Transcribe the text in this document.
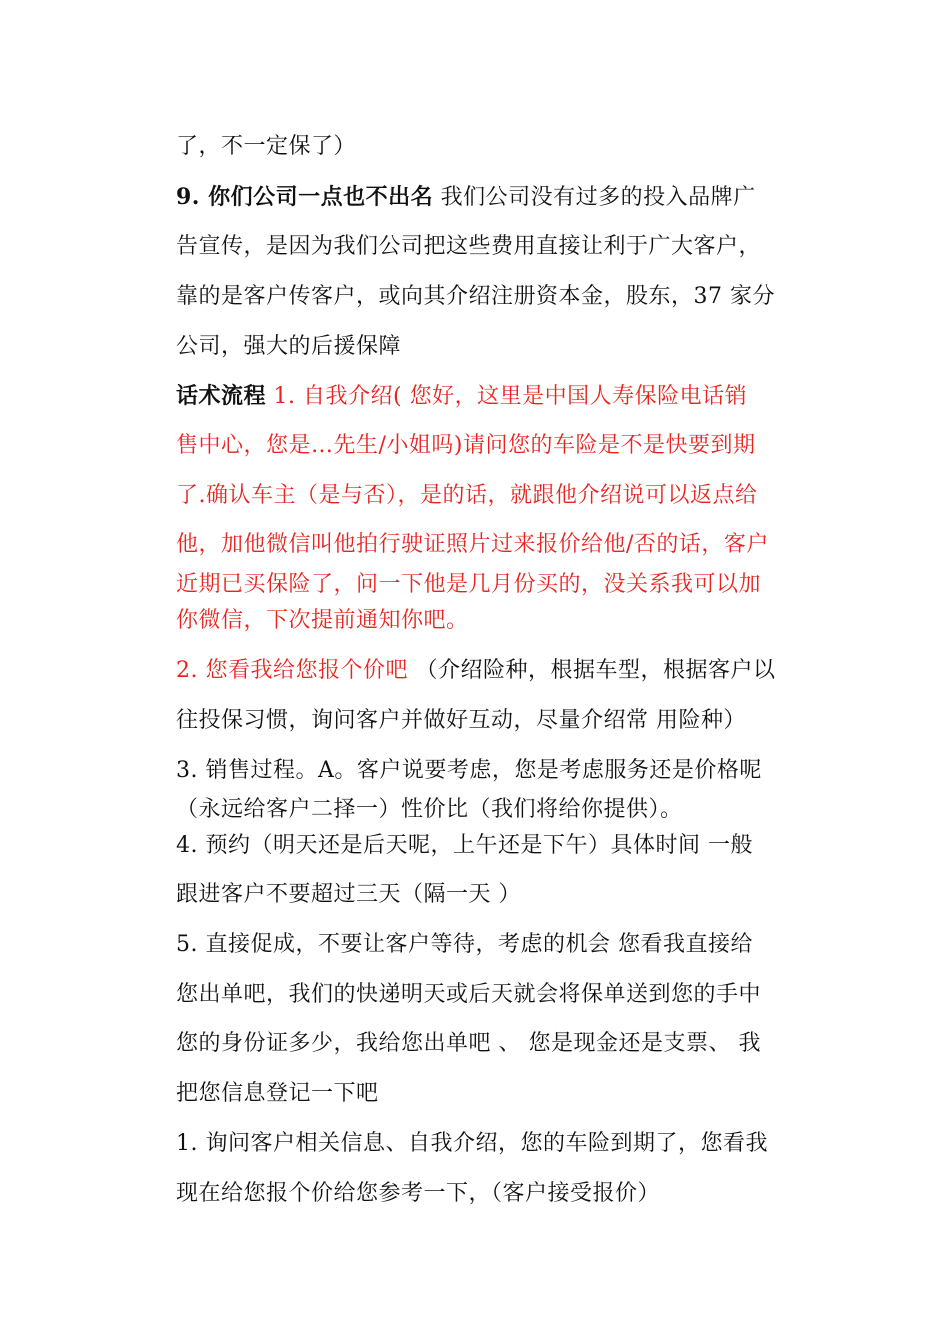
了，不一定保了）
9. 你们公司一点也不出名 我们公司没有过多的投入品牌广
告宣传，是因为我们公司把这些费用直接让利于广大客户，
靠的是客户传客户，或向其介绍注册资本金，股东，37 家分
公司，强大的后援保障
话术流程 1. 自我介绍( 您好，这里是中国人寿保险电话销
售中心，您是…先生/小姐吗)请问您的车险是不是快要到期
了.确认车主（是与否），是的话，就跟他介绍说可以返点给
他，加他微信叫他拍行驶证照片过来报价给他/否的话，客户
近期已买保险了，问一下他是几月份买的，没关系我可以加
你微信，下次提前通知你吧。
2. 您看我给您报个价吧 （介绍险种，根据车型，根据客户以
往投保习惯，询问客户并做好互动，尽量介绍常 用险种）
3. 销售过程。A。客户说要考虑，您是考虑服务还是价格呢
（永远给客户二择一）性价比（我们将给你提供）。
4. 预约（明天还是后天呢，上午还是下午）具体时间 一般
跟进客户不要超过三天（隔一天 ）
5. 直接促成，不要让客户等待，考虑的机会 您看我直接给
您出单吧，我们的快递明天或后天就会将保单送到您的手中
您的身份证多少，我给您出单吧 、 您是现金还是支票、 我
把您信息登记一下吧
1. 询问客户相关信息、自我介绍，您的车险到期了，您看我
现在给您报个价给您参考一下，（客户接受报价）
